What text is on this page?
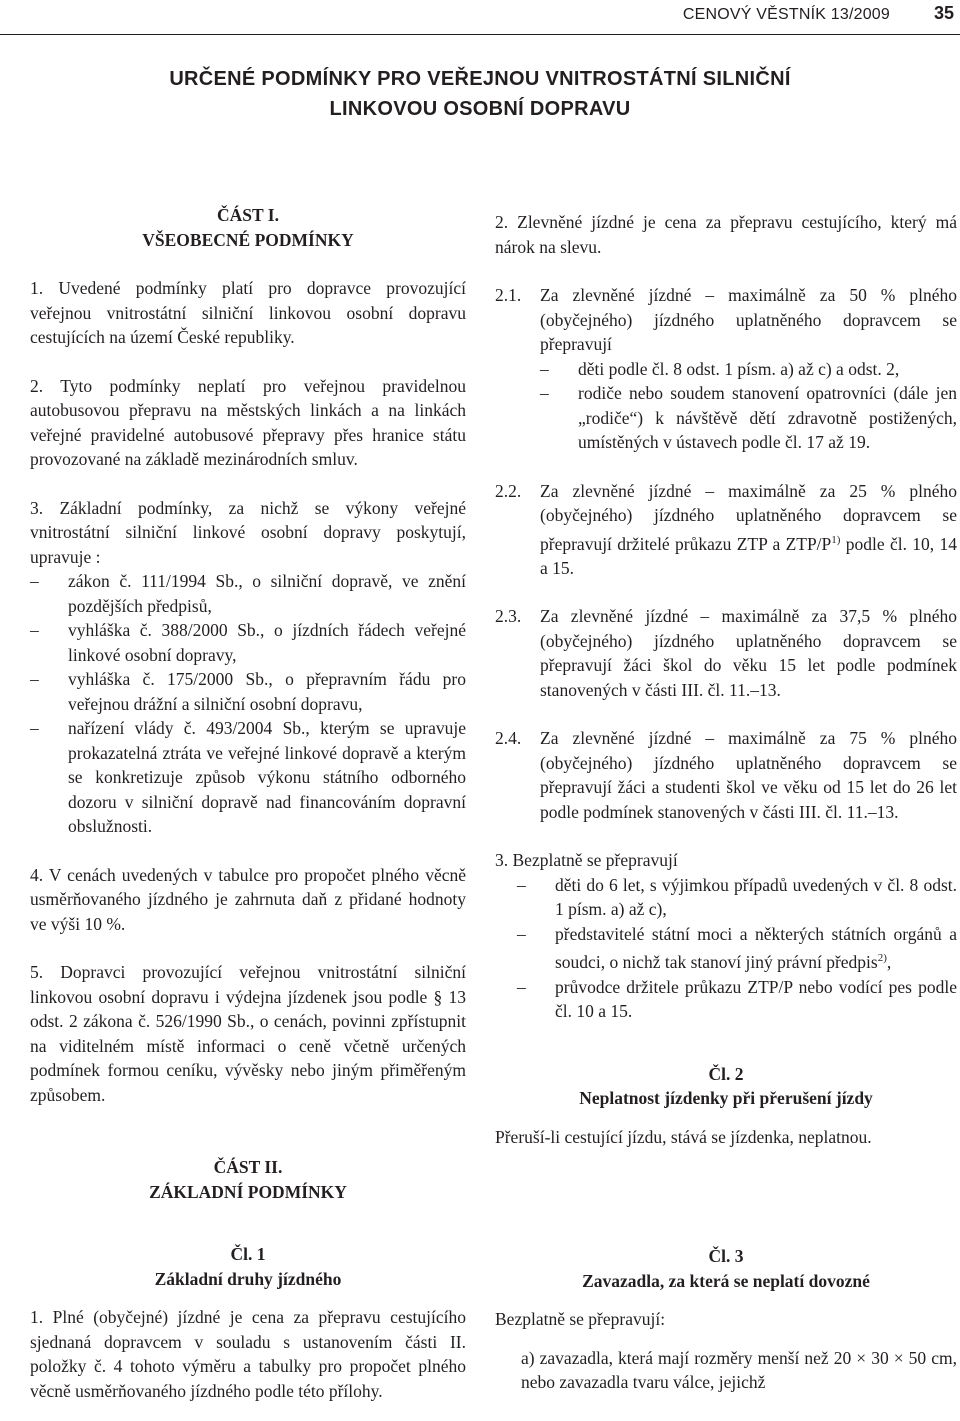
CENOVÝ VĚSTNÍK 13/2009 35
URČENÉ PODMÍNKY PRO VEŘEJNOU VNITROSTÁTNÍ SILNIČNÍ
LINKOVOU OSOBNÍ DOPRAVU
ČÁST I.
VŠEOBECNÉ PODMÍNKY

1. Uvedené podmínky platí pro dopravce provozující veřejnou vnitrostátní silniční linkovou osobní dopravu cestujících na území České republiky.

2. Tyto podmínky neplatí pro veřejnou pravidelnou autobusovou přepravu na městských linkách a na linkách veřejné pravidelné autobusové přepravy přes hranice státu provozované na základě mezinárodních smluv.

3. Základní podmínky, za nichž se výkony veřejné vnitrostátní silniční linkové osobní dopravy poskytují, upravuje :

–	zákon č. 111/1994 Sb., o silniční dopravě, ve znění pozdějších předpisů,
–	vyhláška č. 388/2000 Sb., o jízdních řádech veřejné linkové osobní dopravy,
–	vyhláška č. 175/2000 Sb., o přepravním řádu pro veřejnou drážní a silniční osobní dopravu,
–	nařízení vlády č. 493/2004 Sb., kterým se upravuje prokazatelná ztráta ve veřejné linkové dopravě a kterým se konkretizuje způsob výkonu státního odborného dozoru v silniční dopravě nad financováním dopravní obslužnosti.

4. V cenách uvedených v tabulce pro propočet plného věcně usměrňovaného jízdného je zahrnuta daň z přidané hodnoty ve výši 10 %.

5. Dopravci provozující veřejnou vnitrostátní silniční linkovou osobní dopravu i výdejna jízdenek jsou podle § 13 odst. 2 zákona č. 526/1990 Sb., o cenách, povinni zpřístupnit na viditelném místě informaci o ceně včetně určených podmínek formou ceníku, vývěsky nebo jiným přiměřeným způsobem.

ČÁST II.
ZÁKLADNÍ PODMÍNKY
Čl. 1
Základní druhy jízdného

1. Plné (obyčejné) jízdné je cena za přepravu cestujícího sjednaná dopravcem v souladu s ustanovením části II. položky č. 4 tohoto výměru a tabulky pro propočet plného věcně usměrňovaného jízdného podle této přílohy.

2. Zlevněné jízdné je cena za přepravu cestujícího, který má nárok na slevu.

2.1.	Za zlevněné jízdné – maximálně za 50 % plného (obyčejného) jízdného uplatněného dopravcem se přepravují
–	děti podle čl. 8 odst. 1 písm. a) až c) a odst. 2,
–	rodiče nebo soudem stanovení opatrovníci (dále jen „rodiče“) k návštěvě dětí zdravotně postižených, umístěných v ústavech podle čl. 17 až 19.
2.2.	Za zlevněné jízdné – maximálně za 25 % plného (obyčejného) jízdného uplatněného dopravcem se přepravují držitelé průkazu ZTP a ZTP/$P^{1)}$ podle čl. 10, 14 a 15.
2.3.	Za zlevněné jízdné – maximálně za 37,5 % plného (obyčejného) jízdného uplatněného dopravcem se přepravují žáci škol do věku 15 let podle podmínek stanovených v části III. čl. 11.–13.
2.4.	Za zlevněné jízdné – maximálně za 75 % plného (obyčejného) jízdného uplatněného dopravcem se přepravují žáci a studenti škol ve věku od 15 let do 26 let podle podmínek stanovených v části III. čl. 11.–13.
3. Bezplatně se přepravují
–	děti do 6 let, s výjimkou případů uvedených v čl. 8 odst. 1 písm. a) až c),
–	představitelé státní moci a některých státních orgánů a soudci, o nichž tak stanoví jiný právní předpis$^{2)}$,
–	průvodce držitele průkazu ZTP/P nebo vodící pes podle čl. 10 a 15.
Čl. 2
Neplatnost jízdenky při přerušení jízdy
Přeruší-li cestující jízdu, stává se jízdenka, neplatnou.
Čl. 3
Zavazadla, za která se neplatí dovozné
Bezplatně se přepravují:

a) zavazadla, která mají rozměry menší než 20 × 30 × 50 cm, nebo zavazadla tvaru válce, jejichž
